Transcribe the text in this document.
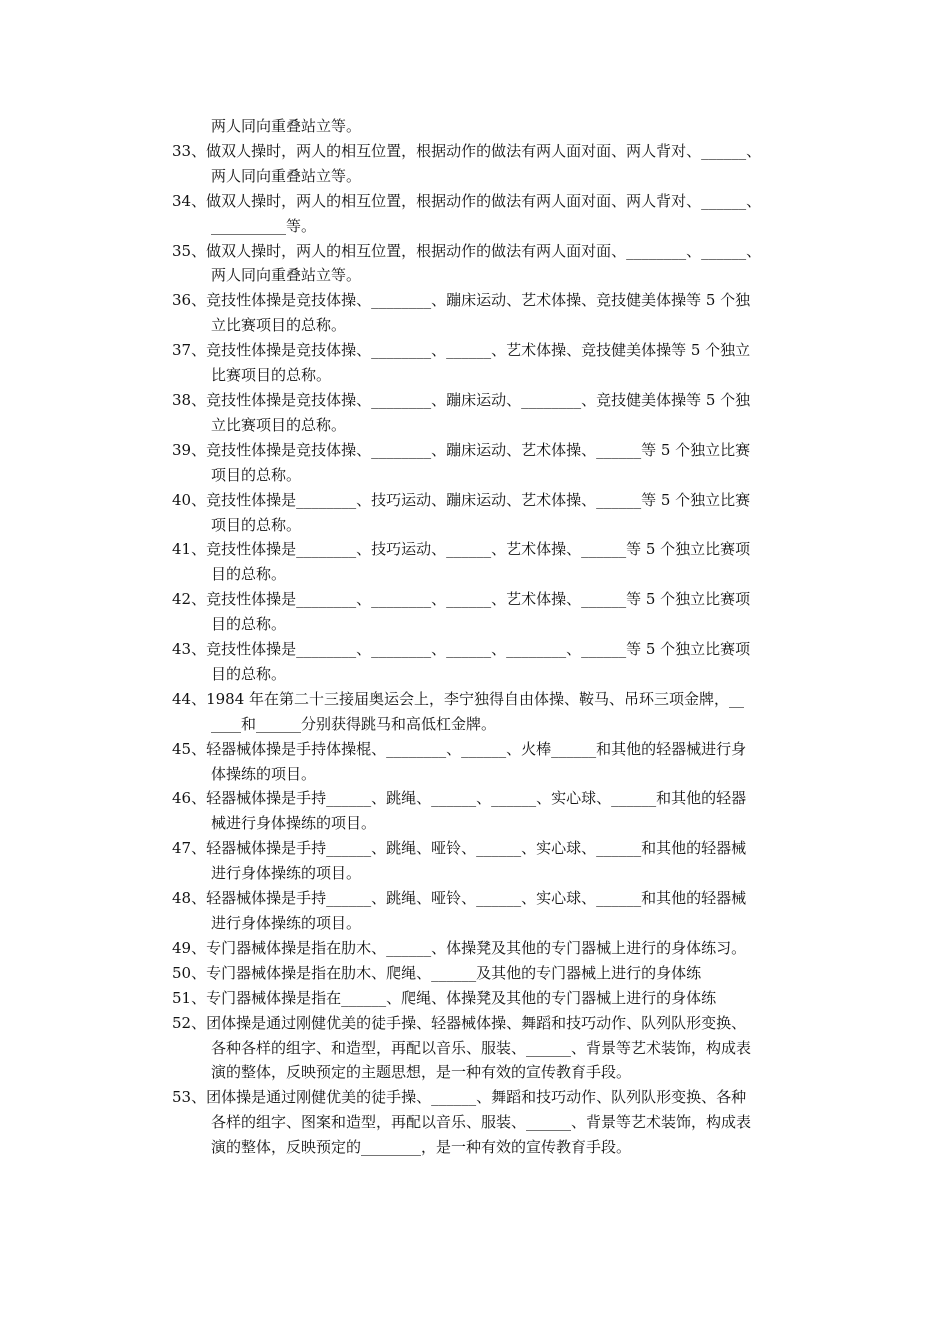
两人同向重叠站立等。
33、做双人操时，两人的相互位置，根据动作的做法有两人面对面、两人背对、______、
两人同向重叠站立等。
34、做双人操时，两人的相互位置，根据动作的做法有两人面对面、两人背对、______、
__________等。
35、做双人操时，两人的相互位置，根据动作的做法有两人面对面、________、______、
两人同向重叠站立等。
36、竞技性体操是竞技体操、________、蹦床运动、艺术体操、竞技健美体操等 5 个独
立比赛项目的总称。
37、竞技性体操是竞技体操、________、______、艺术体操、竞技健美体操等 5 个独立
比赛项目的总称。
38、竞技性体操是竞技体操、________、蹦床运动、________、竞技健美体操等 5 个独
立比赛项目的总称。
39、竞技性体操是竞技体操、________、蹦床运动、艺术体操、______等 5 个独立比赛
项目的总称。
40、竞技性体操是________、技巧运动、蹦床运动、艺术体操、______等 5 个独立比赛
项目的总称。
41、竞技性体操是________、技巧运动、______、艺术体操、______等 5 个独立比赛项
目的总称。
42、竞技性体操是________、________、______、艺术体操、______等 5 个独立比赛项
目的总称。
43、竞技性体操是________、________、______、________、______等 5 个独立比赛项
目的总称。
44、1984 年在第二十三接届奥运会上，李宁独得自由体操、鞍马、吊环三项金牌，__
____和______分别获得跳马和高低杠金牌。
45、轻器械体操是手持体操棍、________、______、火棒______和其他的轻器械进行身
体操练的项目。
46、轻器械体操是手持______、跳绳、______、______、实心球、______和其他的轻器
械进行身体操练的项目。
47、轻器械体操是手持______、跳绳、哑铃、______、实心球、______和其他的轻器械
进行身体操练的项目。
48、轻器械体操是手持______、跳绳、哑铃、______、实心球、______和其他的轻器械
进行身体操练的项目。
49、专门器械体操是指在肋木、______、体操凳及其他的专门器械上进行的身体练习。
50、专门器械体操是指在肋木、爬绳、______及其他的专门器械上进行的身体练
51、专门器械体操是指在______、爬绳、体操凳及其他的专门器械上进行的身体练
52、团体操是通过刚健优美的徒手操、轻器械体操、舞蹈和技巧动作、队列队形变换、
各种各样的组字、和造型，再配以音乐、服装、______、背景等艺术装饰，构成表
演的整体，反映预定的主题思想，是一种有效的宣传教育手段。
53、团体操是通过刚健优美的徒手操、______、舞蹈和技巧动作、队列队形变换、各种
各样的组字、图案和造型，再配以音乐、服装、______、背景等艺术装饰，构成表
演的整体，反映预定的________，是一种有效的宣传教育手段。
